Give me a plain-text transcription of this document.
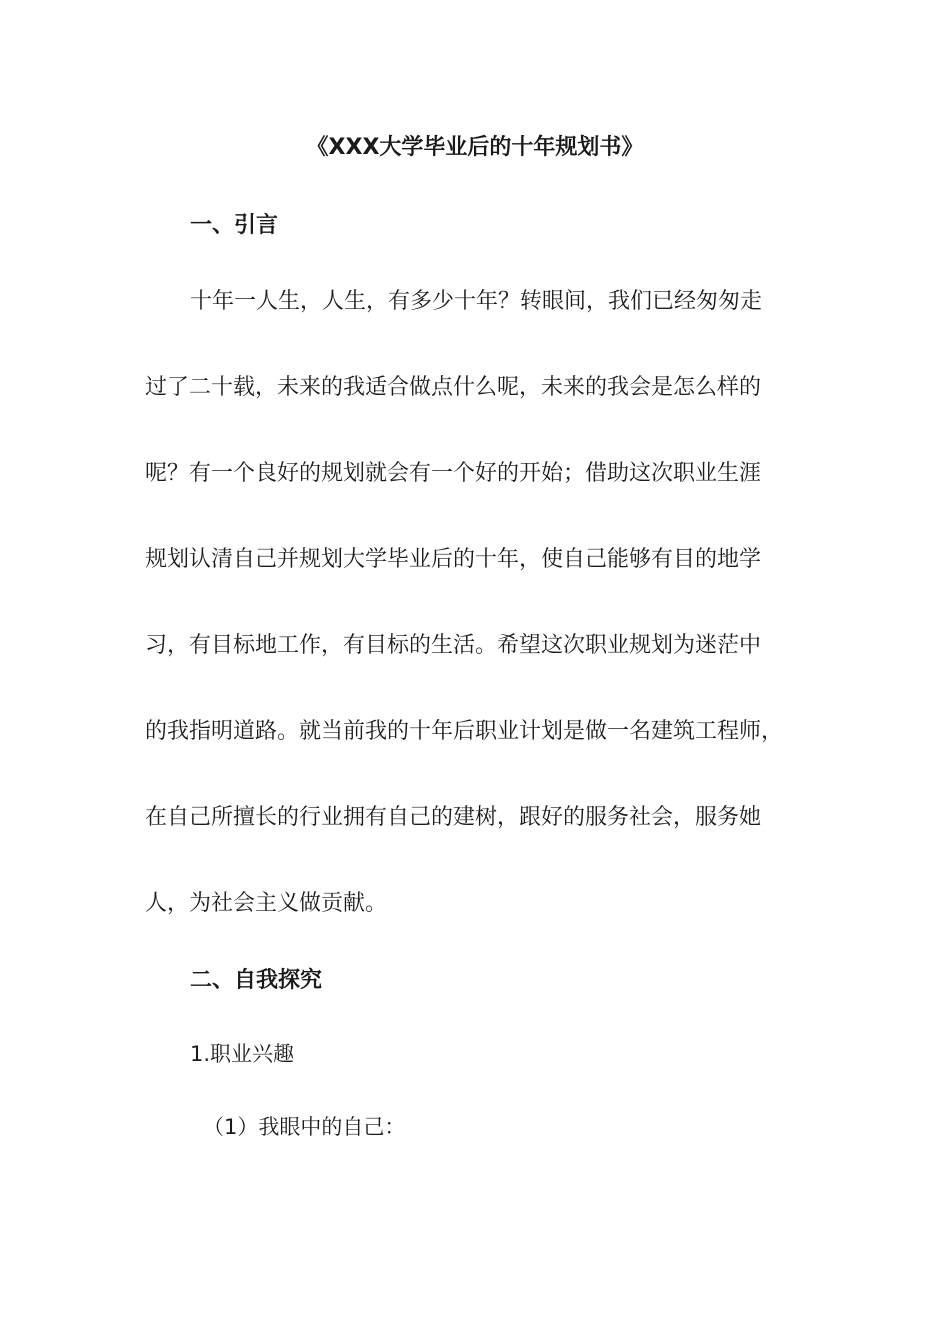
《XXX大学毕业后的十年规划书》
一、引言
十年一人生，人生，有多少十年？转眼间，我们已经匆匆走
过了二十载，未来的我适合做点什么呢，未来的我会是怎么样的
呢？有一个良好的规划就会有一个好的开始；借助这次职业生涯
规划认清自己并规划大学毕业后的十年，使自己能够有目的地学
习，有目标地工作，有目标的生活。希望这次职业规划为迷茫中
的我指明道路。就当前我的十年后职业计划是做一名建筑工程师，
在自己所擅长的行业拥有自己的建树，跟好的服务社会，服务她
人，为社会主义做贡献。
二、自我探究
1.职业兴趣
（1）我眼中的自己：
